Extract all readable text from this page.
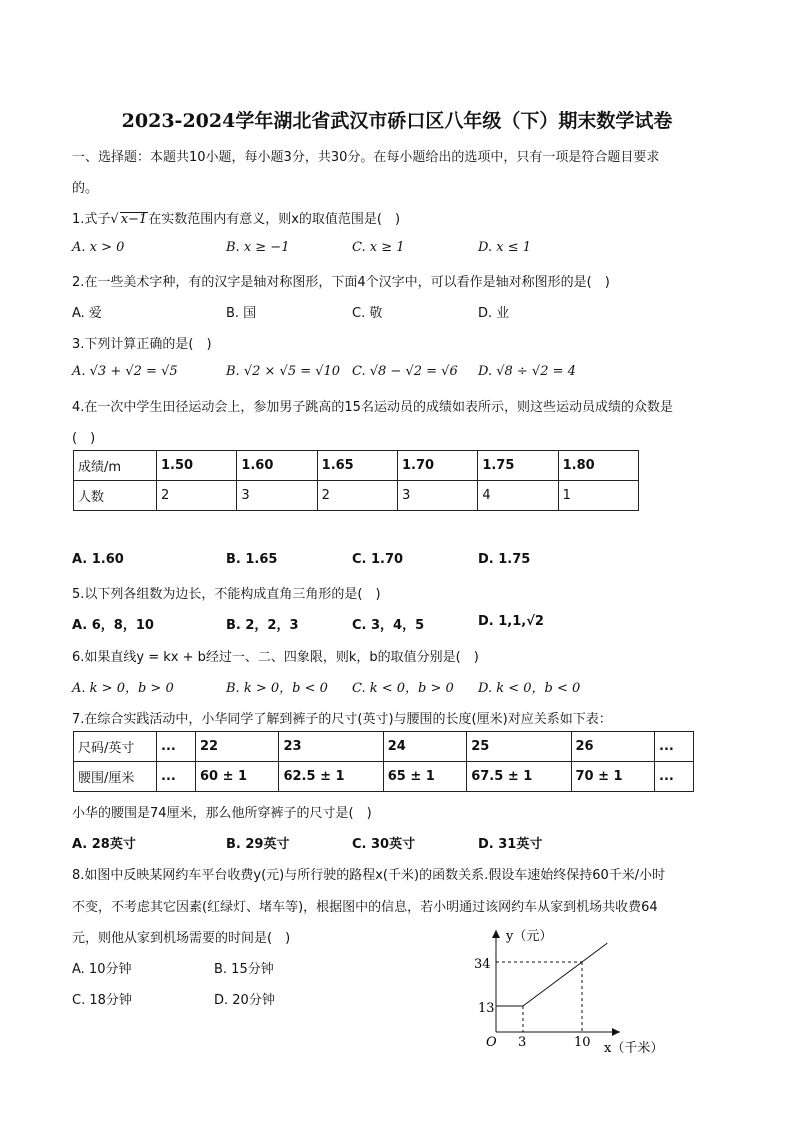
2023-2024学年湖北省武汉市硚口区八年级（下）期末数学试卷
一、选择题：本题共10小题，每小题3分，共30分。在每小题给出的选项中，只有一项是符合题目要求
的。
1.式子√ x−1在实数范围内有意义，则x的取值范围是(　)
A. x > 0	B. x ≥ −1	C. x ≥ 1	D. x ≤ 1
2.在一些美术字种，有的汉字是轴对称图形，下面4个汉字中，可以看作是轴对称图形的是(　)
A. 爱	B. 国	C. 敬	D. 业
3.下列计算正确的是(　)
A. √3 + √2 = √5	B. √2 × √5 = √10 C. √8 − √2 = √6 D. √8 ÷ √2 = 4
4.在一次中学生田径运动会上，参加男子跳高的15名运动员的成绩如表所示，则这些运动员成绩的众数是
(　)
成绩/m	1.50	1.60	1.65	1.70	1.75	1.80
人数	2	3	2	3	4	1
A. 1.60	B. 1.65	C. 1.70	D. 1.75
5.以下列各组数为边长，不能构成直角三角形的是(　)
A. 6，8，10	B. 2，2，3	C. 3，4，5	D. 1,1,√2
6.如果直线y = kx + b经过一、二、四象限，则k，b的取值分别是(　)
A. k > 0，b > 0	B. k > 0，b < 0 C. k < 0，b > 0 D. k < 0，b < 0
7.在综合实践活动中，小华同学了解到裤子的尺寸(英寸)与腰围的长度(厘米)对应关系如下表：
尺码/英寸	...	22	23	24	25	26	...
腰围/厘米	...	60 ± 1	62.5 ± 1	65 ± 1	67.5 ± 1	70 ± 1	...
小华的腰围是74厘米，那么他所穿裤子的尺寸是(　)
A. 28英寸	B. 29英寸	C. 30英寸	D. 31英寸
8.如图中反映某网约车平台收费y(元)与所行驶的路程x(千米)的函数关系.假设车速始终保持60千米/小时
不变，不考虑其它因素(红绿灯、堵车等)，根据图中的信息，若小明通过该网约车从家到机场共收费64
元，则他从家到机场需要的时间是(　)
A. 10分钟	B. 15分钟
C. 18分钟	D. 20分钟
y（元）
x（千米）
O
34
13
3	10
